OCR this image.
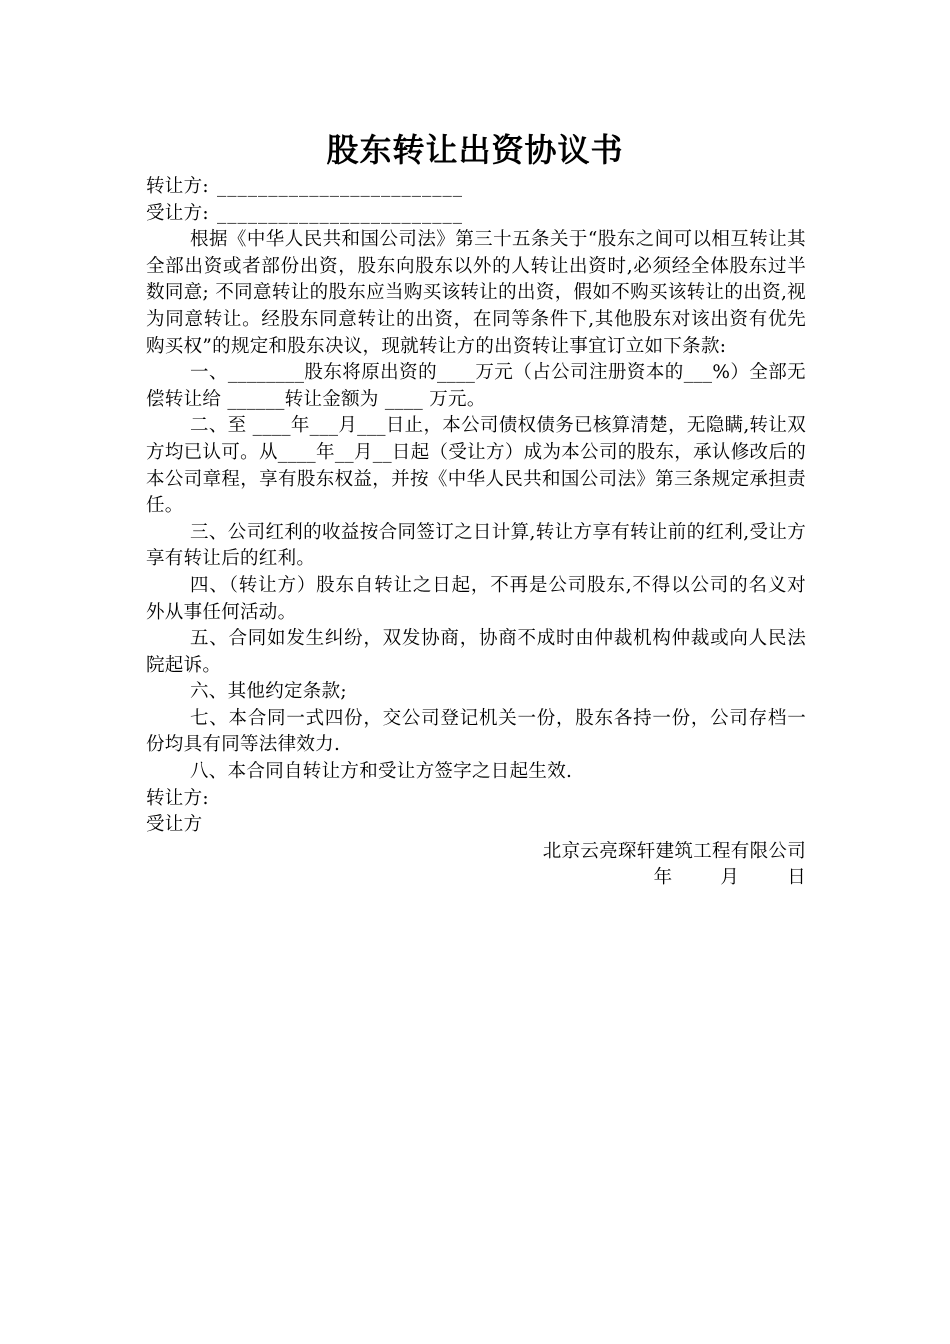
股东转让出资协议书

转让方: ________________________

受让方: ________________________

根据《中华人民共和国公司法》第三十五条关于“股东之间可以相互转让其全部出资或者部份出资，股东向股东以外的人转让出资时,必须经全体股东过半数同意; 不同意转让的股东应当购买该转让的出资，假如不购买该转让的出资,视为同意转让。经股东同意转让的出资，在同等条件下,其他股东对该出资有优先购买权”的规定和股东决议，现就转让方的出资转让事宜订立如下条款:

一、________股东将原出资的____万元（占公司注册资本的___%）全部无偿转让给 ______转让金额为 ____ 万元。

二、至 ____年___月___日止，本公司债权债务已核算清楚，无隐瞒,转让双方均已认可。从____年__月__日起（受让方）成为本公司的股东，承认修改后的本公司章程，享有股东权益，并按《中华人民共和国公司法》第三条规定承担责任。

三、公司红利的收益按合同签订之日计算,转让方享有转让前的红利,受让方享有转让后的红利。

四、（转让方）股东自转让之日起，不再是公司股东,不得以公司的名义对外从事任何活动。

五、合同如发生纠纷，双发协商，协商不成时由仲裁机构仲裁或向人民法院起诉。

六、其他约定条款;

七、本合同一式四份，交公司登记机关一份，股东各持一份，公司存档一份均具有同等法律效力.

八、本合同自转让方和受让方签字之日起生效.

转让方:

受让方

北京云亮琛轩建筑工程有限公司

年	月	日
